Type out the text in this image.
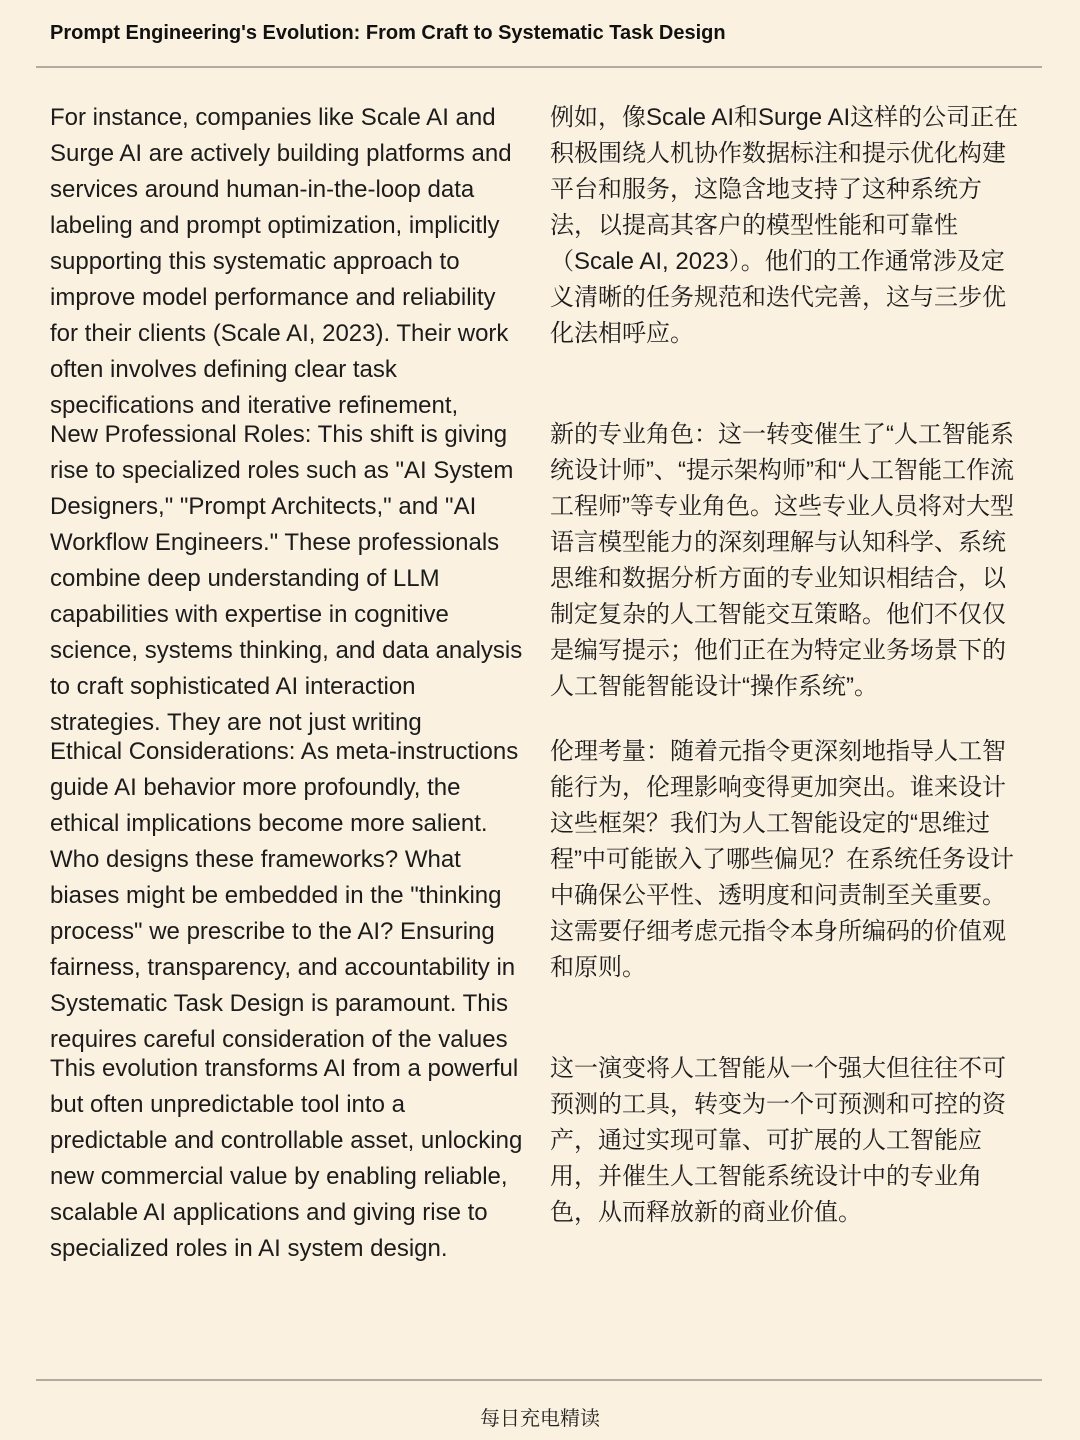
Prompt Engineering's Evolution: From Craft to Systematic Task Design
For instance, companies like Scale AI and Surge AI are actively building platforms and services around human-in-the-loop data labeling and prompt optimization, implicitly supporting this systematic approach to improve model performance and reliability for their clients (Scale AI, 2023). Their work often involves defining clear task specifications and iterative refinement,
例如，像Scale AI和Surge AI这样的公司正在积极围绕人机协作数据标注和提示优化构建平台和服务，这隐含地支持了这种系统方法，以提高其客户的模型性能和可靠性（Scale AI, 2023）。他们的工作通常涉及定义清晰的任务规范和迭代完善，这与三步优化法相呼应。
New Professional Roles: This shift is giving rise to specialized roles such as "AI System Designers," "Prompt Architects," and "AI Workflow Engineers." These professionals combine deep understanding of LLM capabilities with expertise in cognitive science, systems thinking, and data analysis to craft sophisticated AI interaction strategies. They are not just writing
新的专业角色：这一转变催生了“人工智能系统设计师”、“提示架构师”和“人工智能工作流工程师”等专业角色。这些专业人员将对大型语言模型能力的深刻理解与认知科学、系统思维和数据分析方面的专业知识相结合，以制定复杂的人工智能交互策略。他们不仅仅是编写提示；他们正在为特定业务场景下的人工智能智能设计“操作系统”。
Ethical Considerations: As meta-instructions guide AI behavior more profoundly, the ethical implications become more salient. Who designs these frameworks? What biases might be embedded in the "thinking process" we prescribe to the AI? Ensuring fairness, transparency, and accountability in Systematic Task Design is paramount. This requires careful consideration of the values
伦理考量：随着元指令更深刻地指导人工智能行为，伦理影响变得更加突出。谁来设计这些框架？我们为人工智能设定的“思维过程”中可能嵌入了哪些偏见？在系统任务设计中确保公平性、透明度和问责制至关重要。这需要仔细考虑元指令本身所编码的价值观和原则。
This evolution transforms AI from a powerful but often unpredictable tool into a predictable and controllable asset, unlocking new commercial value by enabling reliable, scalable AI applications and giving rise to specialized roles in AI system design.
这一演变将人工智能从一个强大但往往不可预测的工具，转变为一个可预测和可控的资产，通过实现可靠、可扩展的人工智能应用，并催生人工智能系统设计中的专业角色，从而释放新的商业价值。
每日充电精读
